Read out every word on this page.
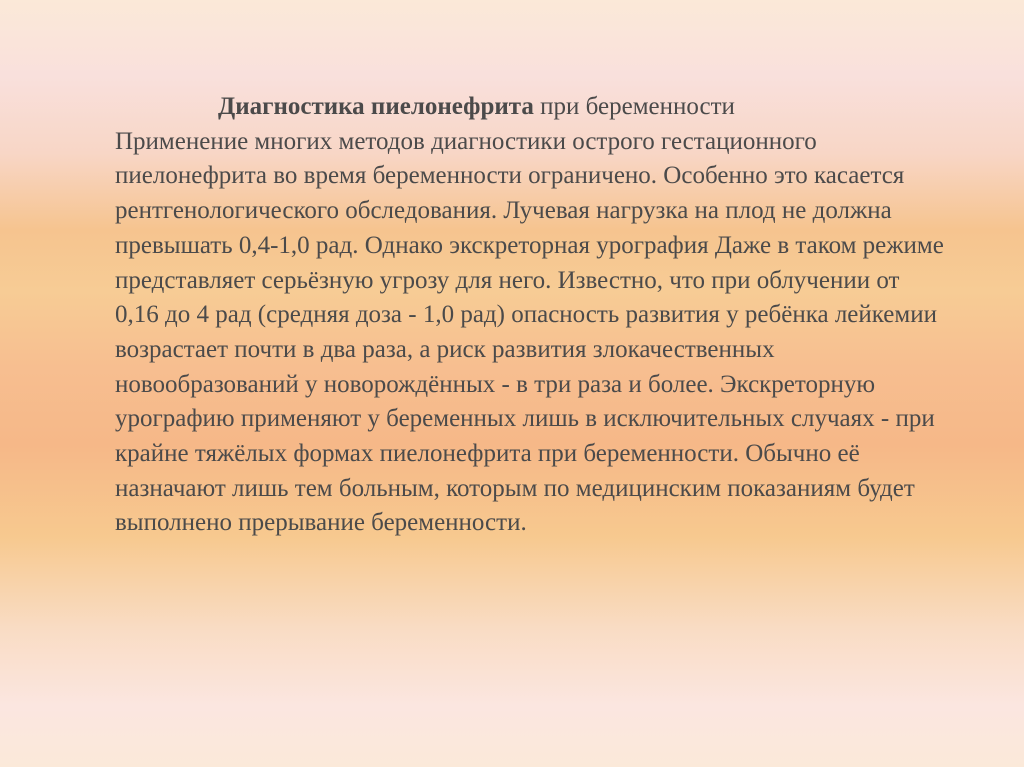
Диагностика пиелонефрита при беременности

Применение многих методов диагностики острого гестационного пиелонефрита во время беременности ограничено. Особенно это касается рентгенологического обследования. Лучевая нагрузка на плод не должна превышать 0,4-1,0 рад. Однако экскреторная урография Даже в таком режиме представляет серьёзную угрозу для него. Известно, что при облучении от 0,16 до 4 рад (средняя доза - 1,0 рад) опасность развития у ребёнка лейкемии возрастает почти в два раза, а риск развития злокачественных новообразований у новорождённых - в три раза и более. Экскреторную урографию применяют у беременных лишь в исключительных случаях - при крайне тяжёлых формах пиелонефрита при беременности. Обычно её назначают лишь тем больным, которым по медицинским показаниям будет выполнено прерывание беременности.
